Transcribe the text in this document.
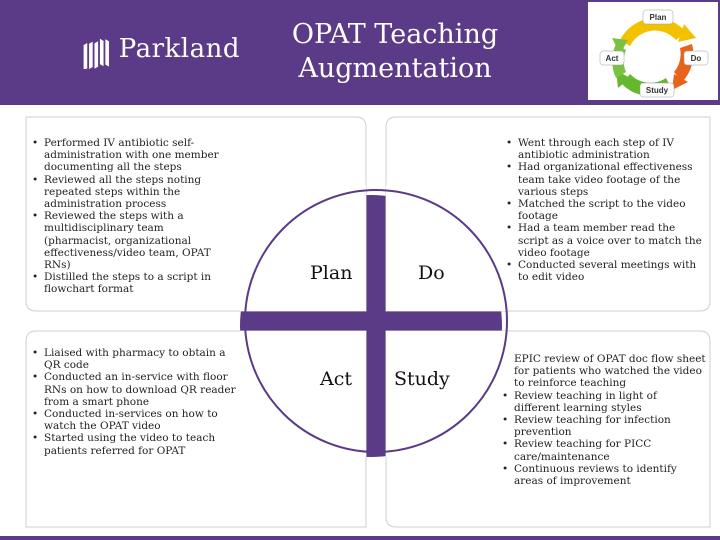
Parkland	OPAT Teaching
Augmentation
Plan
Do
Study
Act
• Performed IV antibiotic self-administration with one member documenting all the steps
• Reviewed all the steps noting repeated steps within the administration process
• Reviewed the steps with a multidisciplinary team (pharmacist, organizational effectiveness/video team, OPAT RNs)
• Distilled the steps to a script in flowchart format
• Went through each step of IV antibiotic administration
• Had organizational effectiveness team take video footage of the various steps
• Matched the script to the video footage
• Had a team member read the script as a voice over to match the video footage
• Conducted several meetings with to edit video
• Liaised with pharmacy to obtain a QR code
• Conducted an in-service with floor RNs on how to download QR reader from a smart phone
• Conducted in-services on how to watch the OPAT video
• Started using the video to teach patients referred for OPAT

EPIC review of OPAT doc flow sheet for patients who watched the video to reinforce teaching

• Review teaching in light of different learning styles
• Review teaching for infection prevention
• Review teaching for PICC care/maintenance
• Continuous reviews to identify areas of improvement
Plan	Do
Act Study
